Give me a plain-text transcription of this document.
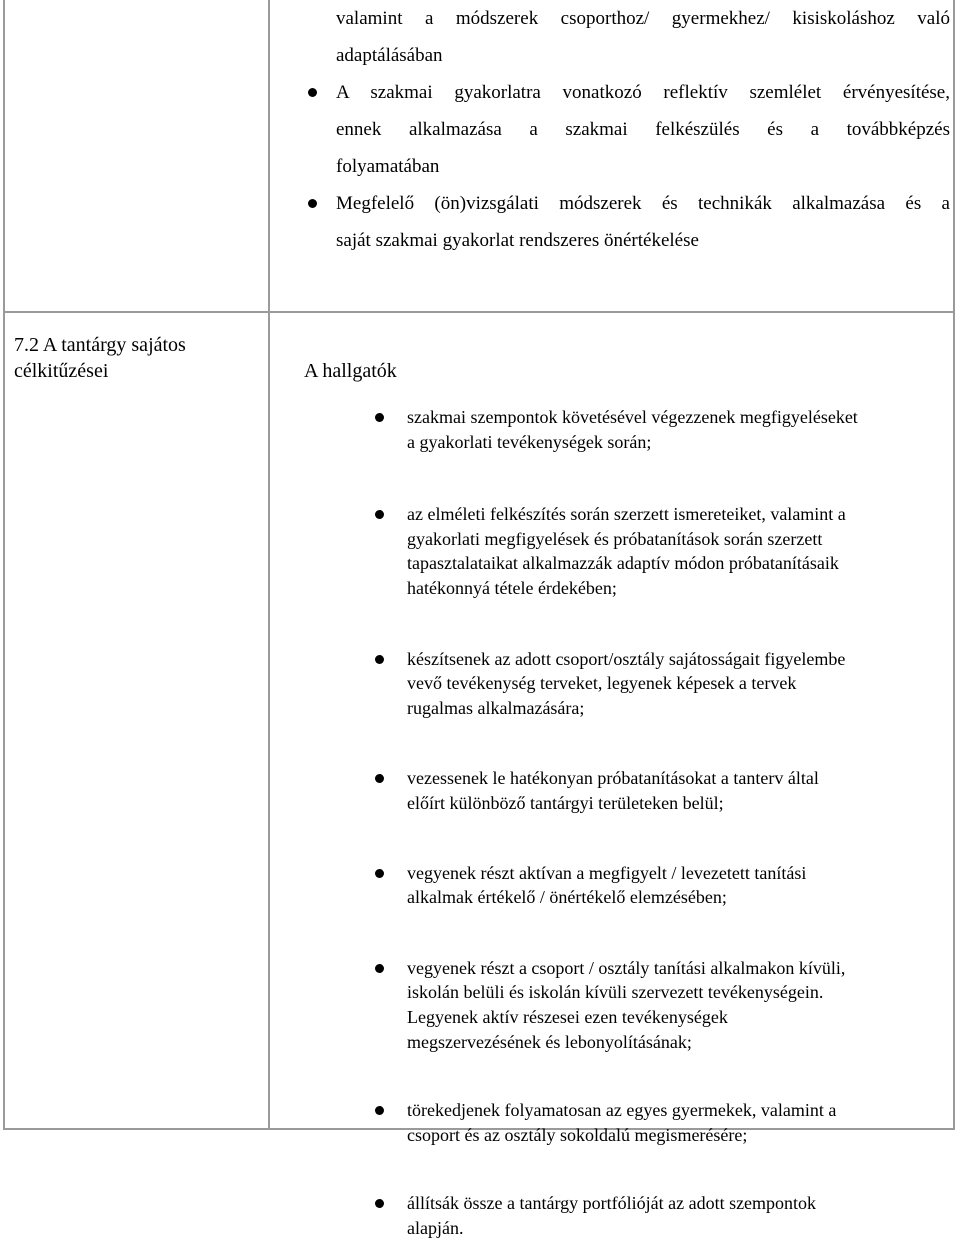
valamint a módszerek csoporthoz/ gyermekhez/ kisiskoláshoz való

adaptálásában

A szakmai gyakorlatra vonatkozó reflektív szemlélet érvényesítése,
ennek alkalmazása a szakmai felkészülés és a továbbképzés
folyamatában
Megfelelő (ön)vizsgálati módszerek és technikák alkalmazása és a
saját szakmai gyakorlat rendszeres önértékelése
7.2 A tantárgy sajátos
célkitűzései	A hallgatók
szakmai szempontok követésével végezzenek megfigyeléseket
a gyakorlati tevékenységek során;
az elméleti felkészítés során szerzett ismereteiket, valamint a
gyakorlati megfigyelések és próbatanítások során szerzett
tapasztalataikat alkalmazzák adaptív módon próbatanításaik
hatékonnyá tétele érdekében;
készítsenek az adott csoport/osztály sajátosságait figyelembe
vevő tevékenység terveket, legyenek képesek a tervek
rugalmas alkalmazására;
vezessenek le hatékonyan próbatanításokat a tanterv által
előírt különböző tantárgyi területeken belül;
vegyenek részt aktívan a megfigyelt / levezetett tanítási
alkalmak értékelő / önértékelő elemzésében;
vegyenek részt a csoport / osztály tanítási alkalmakon kívüli,
iskolán belüli és iskolán kívüli szervezett tevékenységein.
Legyenek aktív részesei ezen tevékenységek
megszervezésének és lebonyolításának;
törekedjenek folyamatosan az egyes gyermekek, valamint a
csoport és az osztály sokoldalú megismerésére;
állítsák össze a tantárgy portfólióját az adott szempontok
alapján.
